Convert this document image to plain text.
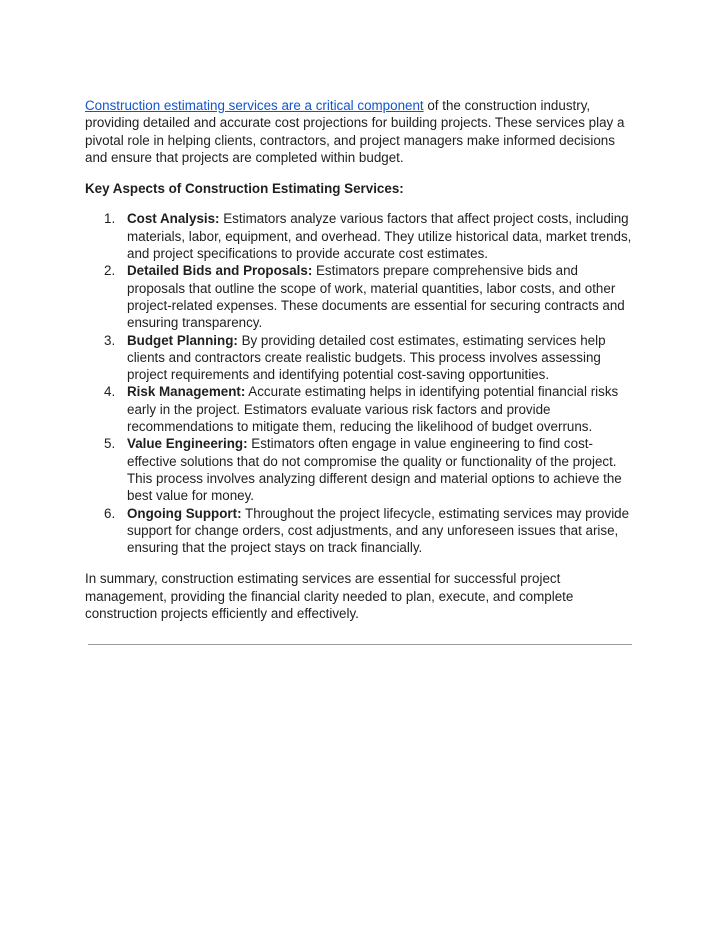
Construction estimating services are a critical component of the construction industry, providing detailed and accurate cost projections for building projects. These services play a pivotal role in helping clients, contractors, and project managers make informed decisions and ensure that projects are completed within budget.

Key Aspects of Construction Estimating Services:

1. Cost Analysis: Estimators analyze various factors that affect project costs, including materials, labor, equipment, and overhead. They utilize historical data, market trends, and project specifications to provide accurate cost estimates.
2. Detailed Bids and Proposals: Estimators prepare comprehensive bids and proposals that outline the scope of work, material quantities, labor costs, and other project-related expenses. These documents are essential for securing contracts and ensuring transparency.
3. Budget Planning: By providing detailed cost estimates, estimating services help clients and contractors create realistic budgets. This process involves assessing project requirements and identifying potential cost-saving opportunities.
4. Risk Management: Accurate estimating helps in identifying potential financial risks early in the project. Estimators evaluate various risk factors and provide recommendations to mitigate them, reducing the likelihood of budget overruns.
5. Value Engineering: Estimators often engage in value engineering to find cost-effective solutions that do not compromise the quality or functionality of the project. This process involves analyzing different design and material options to achieve the best value for money.
6. Ongoing Support: Throughout the project lifecycle, estimating services may provide support for change orders, cost adjustments, and any unforeseen issues that arise, ensuring that the project stays on track financially.

In summary, construction estimating services are essential for successful project management, providing the financial clarity needed to plan, execute, and complete construction projects efficiently and effectively.
